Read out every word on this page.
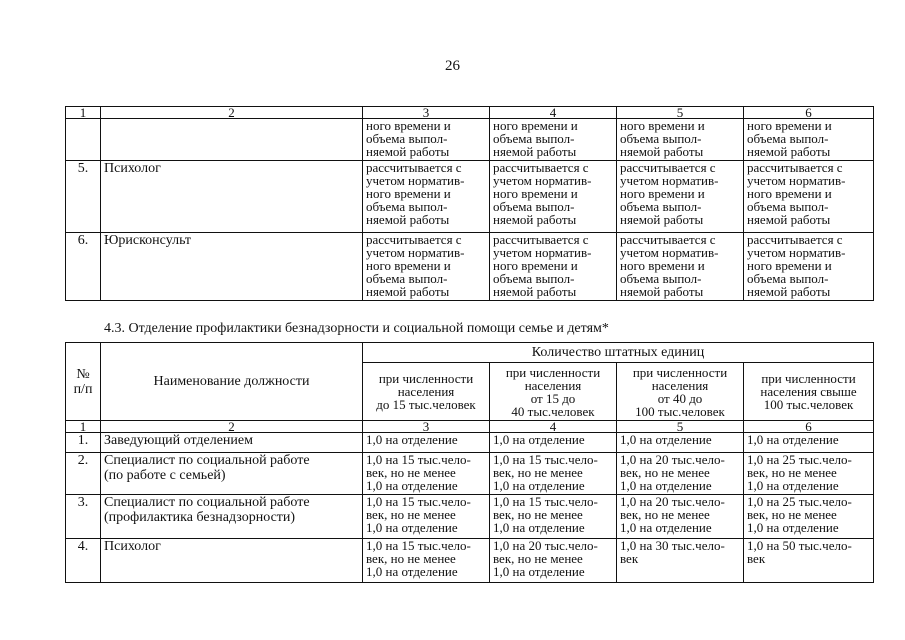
26
1	2	3	4	5	6
		ного времени и
объема выпол-
няемой работы	ного времени и
объема выпол-
няемой работы	ного времени и
объема выпол-
няемой работы	ного времени и
объема выпол-
няемой работы
5.	Психолог	рассчитывается с
учетом норматив-
ного времени и
объема выпол-
няемой работы	рассчитывается с
учетом норматив-
ного времени и
объема выпол-
няемой работы	рассчитывается с
учетом норматив-
ного времени и
объема выпол-
няемой работы	рассчитывается с
учетом норматив-
ного времени и
объема выпол-
няемой работы
6.	Юрисконсульт	рассчитывается с
учетом норматив-
ного времени и
объема выпол-
няемой работы	рассчитывается с
учетом норматив-
ного времени и
объема выпол-
няемой работы	рассчитывается с
учетом норматив-
ного времени и
объема выпол-
няемой работы	рассчитывается с
учетом норматив-
ного времени и
объема выпол-
няемой работы
4.3. Отделение профилактики безнадзорности и социальной помощи семье и детям*
№
п/п	Наименование должности	Количество штатных единиц			
		при численности
населения
до 15 тыс.человек	при численности
населения
от 15 до
40 тыс.человек	при численности
населения
от 40 до
100 тыс.человек	при численности
населения свыше
100 тыс.человек
1	2	3	4	5	6
1.	Заведующий отделением	1,0 на отделение	1,0 на отделение	1,0 на отделение	1,0 на отделение
2.	Специалист по социальной работе
(по работе с семьей)	1,0 на 15 тыс.чело-
век, но не менее
1,0 на отделение	1,0 на 15 тыс.чело-
век, но не менее
1,0 на отделение	1,0 на 20 тыс.чело-
век, но не менее
1,0 на отделение	1,0 на 25 тыс.чело-
век, но не менее
1,0 на отделение
3.	Специалист по социальной работе
(профилактика безнадзорности)	1,0 на 15 тыс.чело-
век, но не менее
1,0 на отделение	1,0 на 15 тыс.чело-
век, но не менее
1,0 на отделение	1,0 на 20 тыс.чело-
век, но не менее
1,0 на отделение	1,0 на 25 тыс.чело-
век, но не менее
1,0 на отделение
4.	Психолог	1,0 на 15 тыс.чело-
век, но не менее
1,0 на отделение	1,0 на 20 тыс.чело-
век, но не менее
1,0 на отделение	1,0 на 30 тыс.чело-
век	1,0 на 50 тыс.чело-
век
